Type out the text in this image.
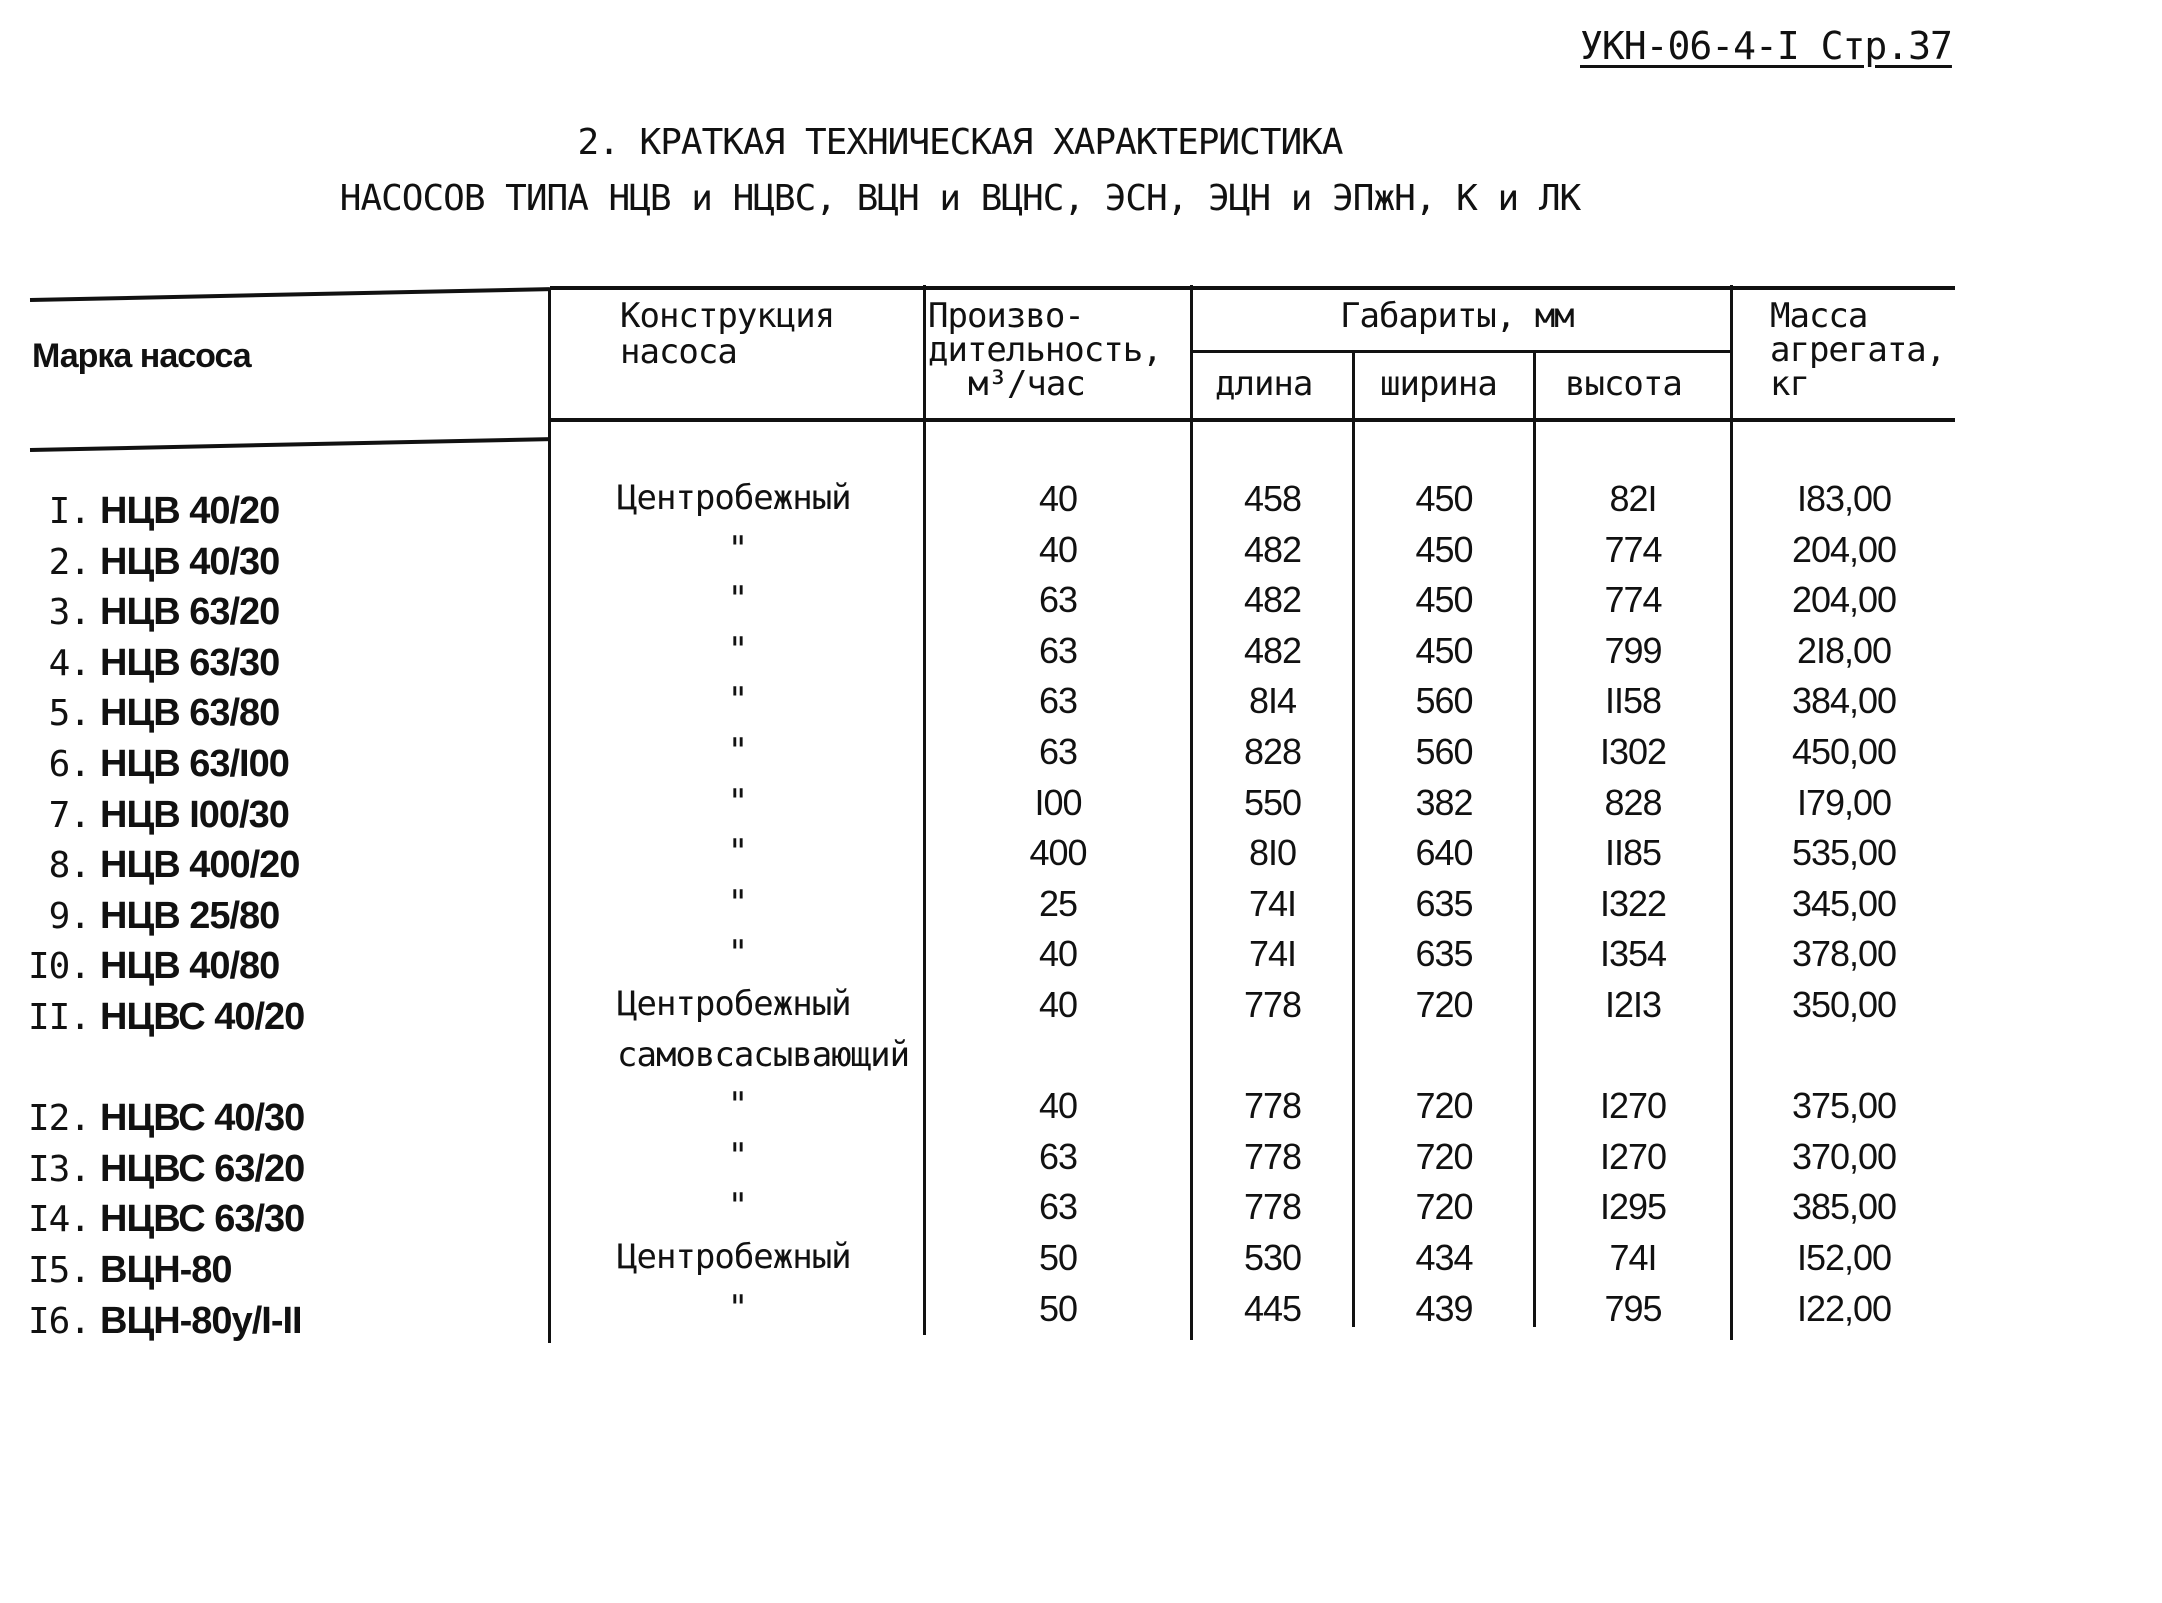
УКН-06-4-I Стр.37
2. КРАТКАЯ ТЕХНИЧЕСКАЯ ХАРАКТЕРИСТИКА
НАСОСОВ ТИПА НЦВ и НЦВС, ВЦН и ВЦНС, ЭСН, ЭЦН и ЭПжН, К и ЛК
Марка насоса
Конструкция
насоса
Произво-
дительность,
м³/час
Габариты, мм
длина ширина высота
Масса
агрегата,
кг
I. НЦВ 40/20	Центробежный	40	458	450	82I	I83,00
2. НЦВ 40/30	"	40	482	450	774	204,00
3. НЦВ 63/20	"	63	482	450	774	204,00
4. НЦВ 63/30	"	63	482	450	799	2I8,00
5. НЦВ 63/80	"	63	8I4	560	II58	384,00
6. НЦВ 63/I00	"	63	828	560	I302	450,00
7. НЦВ I00/30	"	I00	550	382	828	I79,00
8. НЦВ 400/20	"	400	8I0	640	II85	535,00
9. НЦВ 25/80	"	25	74I	635	I322	345,00
I0. НЦВ 40/80	"	40	74I	635	I354	378,00
II. НЦВС 40/20	Центробежный	40	778	720	I2I3	350,00
самовсасывающий
I2. НЦВС 40/30	"	40	778	720	I270	375,00
I3. НЦВС 63/20	"	63	778	720	I270	370,00
I4. НЦВС 63/30	"	63	778	720	I295	385,00
I5. ВЦН-80	Центробежный	50	530	434	74I	I52,00
I6. ВЦН-80у/I-II	"	50	445	439	795	I22,00
